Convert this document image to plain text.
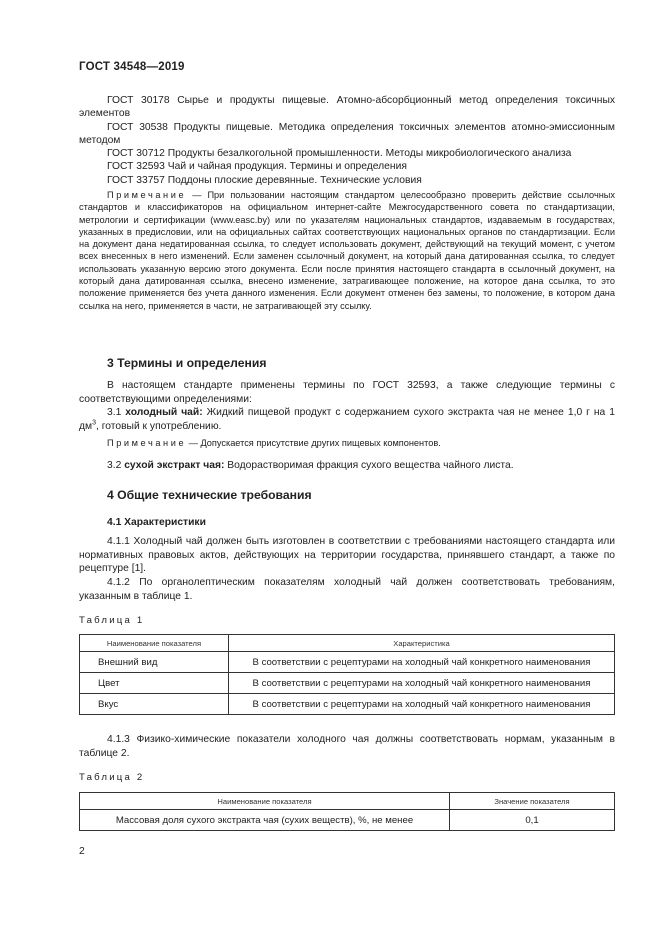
ГОСТ 34548—2019

ГОСТ 30178 Сырье и продукты пищевые. Атомно-абсорбционный метод определения токсичных элементов

ГОСТ 30538 Продукты пищевые. Методика определения токсичных элементов атомно-эмиссионным методом

ГОСТ 30712 Продукты безалкогольной промышленности. Методы микробиологического анализа

ГОСТ 32593 Чай и чайная продукция. Термины и определения

ГОСТ 33757 Поддоны плоские деревянные. Технические условия

Примечание — При пользовании настоящим стандартом целесообразно проверить действие ссылочных стандартов и классификаторов на официальном интернет-сайте Межгосударственного совета по стандартизации, метрологии и сертификации (www.easc.by) или по указателям национальных стандартов, издаваемым в государствах, указанных в предисловии, или на официальных сайтах соответствующих национальных органов по стандартизации. Если на документ дана недатированная ссылка, то следует использовать документ, действующий на текущий момент, с учетом всех внесенных в него изменений. Если заменен ссылочный документ, на который дана датированная ссылка, то следует использовать указанную версию этого документа. Если после принятия настоящего стандарта в ссылочный документ, на который дана датированная ссылка, внесено изменение, затрагивающее положение, на которое дана ссылка, то это положение применяется без учета данного изменения. Если документ отменен без замены, то положение, в котором дана ссылка на него, применяется в части, не затрагивающей эту ссылку.

3 Термины и определения

В настоящем стандарте применены термины по ГОСТ 32593, а также следующие термины с соответствующими определениями:

3.1 холодный чай: Жидкий пищевой продукт с содержанием сухого экстракта чая не менее 1,0 г на 1 $дм^3$, готовый к употреблению.

Примечание — Допускается присутствие других пищевых компонентов.

3.2 сухой экстракт чая: Водорастворимая фракция сухого вещества чайного листа.

4 Общие технические требования
4.1 Характеристики

4.1.1 Холодный чай должен быть изготовлен в соответствии с требованиями настоящего стандарта или нормативных правовых актов, действующих на территории государства, принявшего стандарт, а также по рецептуре [1].

4.1.2 По органолептическим показателям холодный чай должен соответствовать требованиям, указанным в таблице 1.

Таблица 1
Наименование показателя	Характеристика
Внешний вид	В соответствии с рецептурами на холодный чай конкретного наименования
Цвет	В соответствии с рецептурами на холодный чай конкретного наименования
Вкус	В соответствии с рецептурами на холодный чай конкретного наименования

4.1.3 Физико-химические показатели холодного чая должны соответствовать нормам, указанным в таблице 2.

Таблица 2
Наименование показателя	Значение показателя
Массовая доля сухого экстракта чая (сухих веществ), %, не менее	0,1
2
